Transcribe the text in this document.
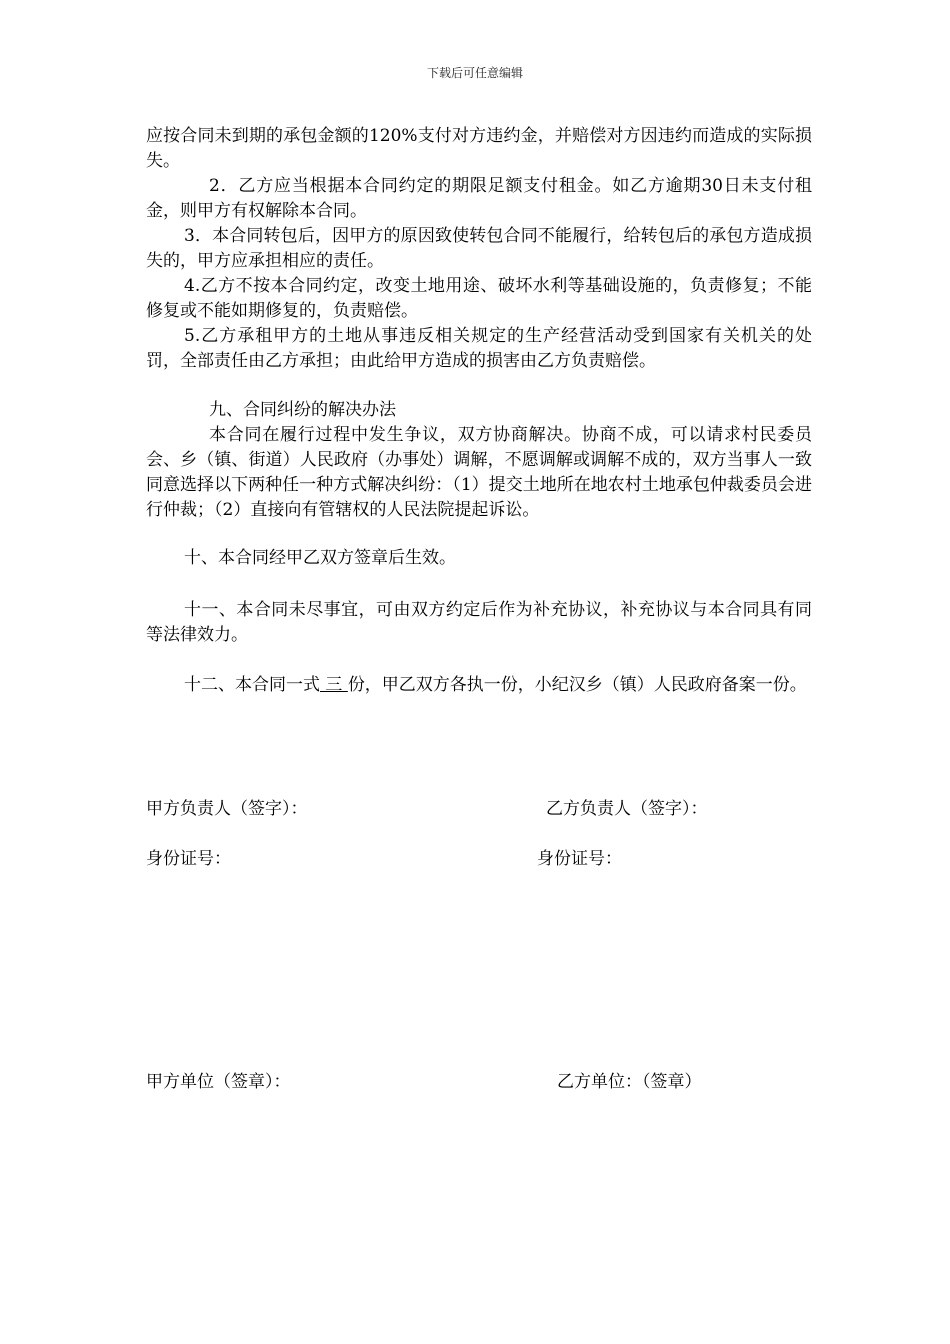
下载后可任意编辑

应按合同未到期的承包金额的120%支付对方违约金，并赔偿对方因违约而造成的实际损失。

2．乙方应当根据本合同约定的期限足额支付租金。如乙方逾期30日未支付租金，则甲方有权解除本合同。

3．本合同转包后，因甲方的原因致使转包合同不能履行，给转包后的承包方造成损失的，甲方应承担相应的责任。

4.乙方不按本合同约定，改变土地用途、破坏水利等基础设施的，负责修复；不能修复或不能如期修复的，负责赔偿。

5.乙方承租甲方的土地从事违反相关规定的生产经营活动受到国家有关机关的处罚，全部责任由乙方承担；由此给甲方造成的损害由乙方负责赔偿。

九、合同纠纷的解决办法

本合同在履行过程中发生争议，双方协商解决。协商不成，可以请求村民委员会、乡（镇、街道）人民政府（办事处）调解，不愿调解或调解不成的，双方当事人一致同意选择以下两种任一种方式解决纠纷：（1）提交土地所在地农村土地承包仲裁委员会进行仲裁；（2）直接向有管辖权的人民法院提起诉讼。

十、本合同经甲乙双方签章后生效。

十一、本合同未尽事宜，可由双方约定后作为补充协议，补充协议与本合同具有同等法律效力。

十二、本合同一式 三 份，甲乙双方各执一份，小纪汉乡（镇）人民政府备案一份。

甲方负责人（签字）：	乙方负责人（签字）：
身份证号：	身份证号：
甲方单位（签章）：	乙方单位：（签章）
